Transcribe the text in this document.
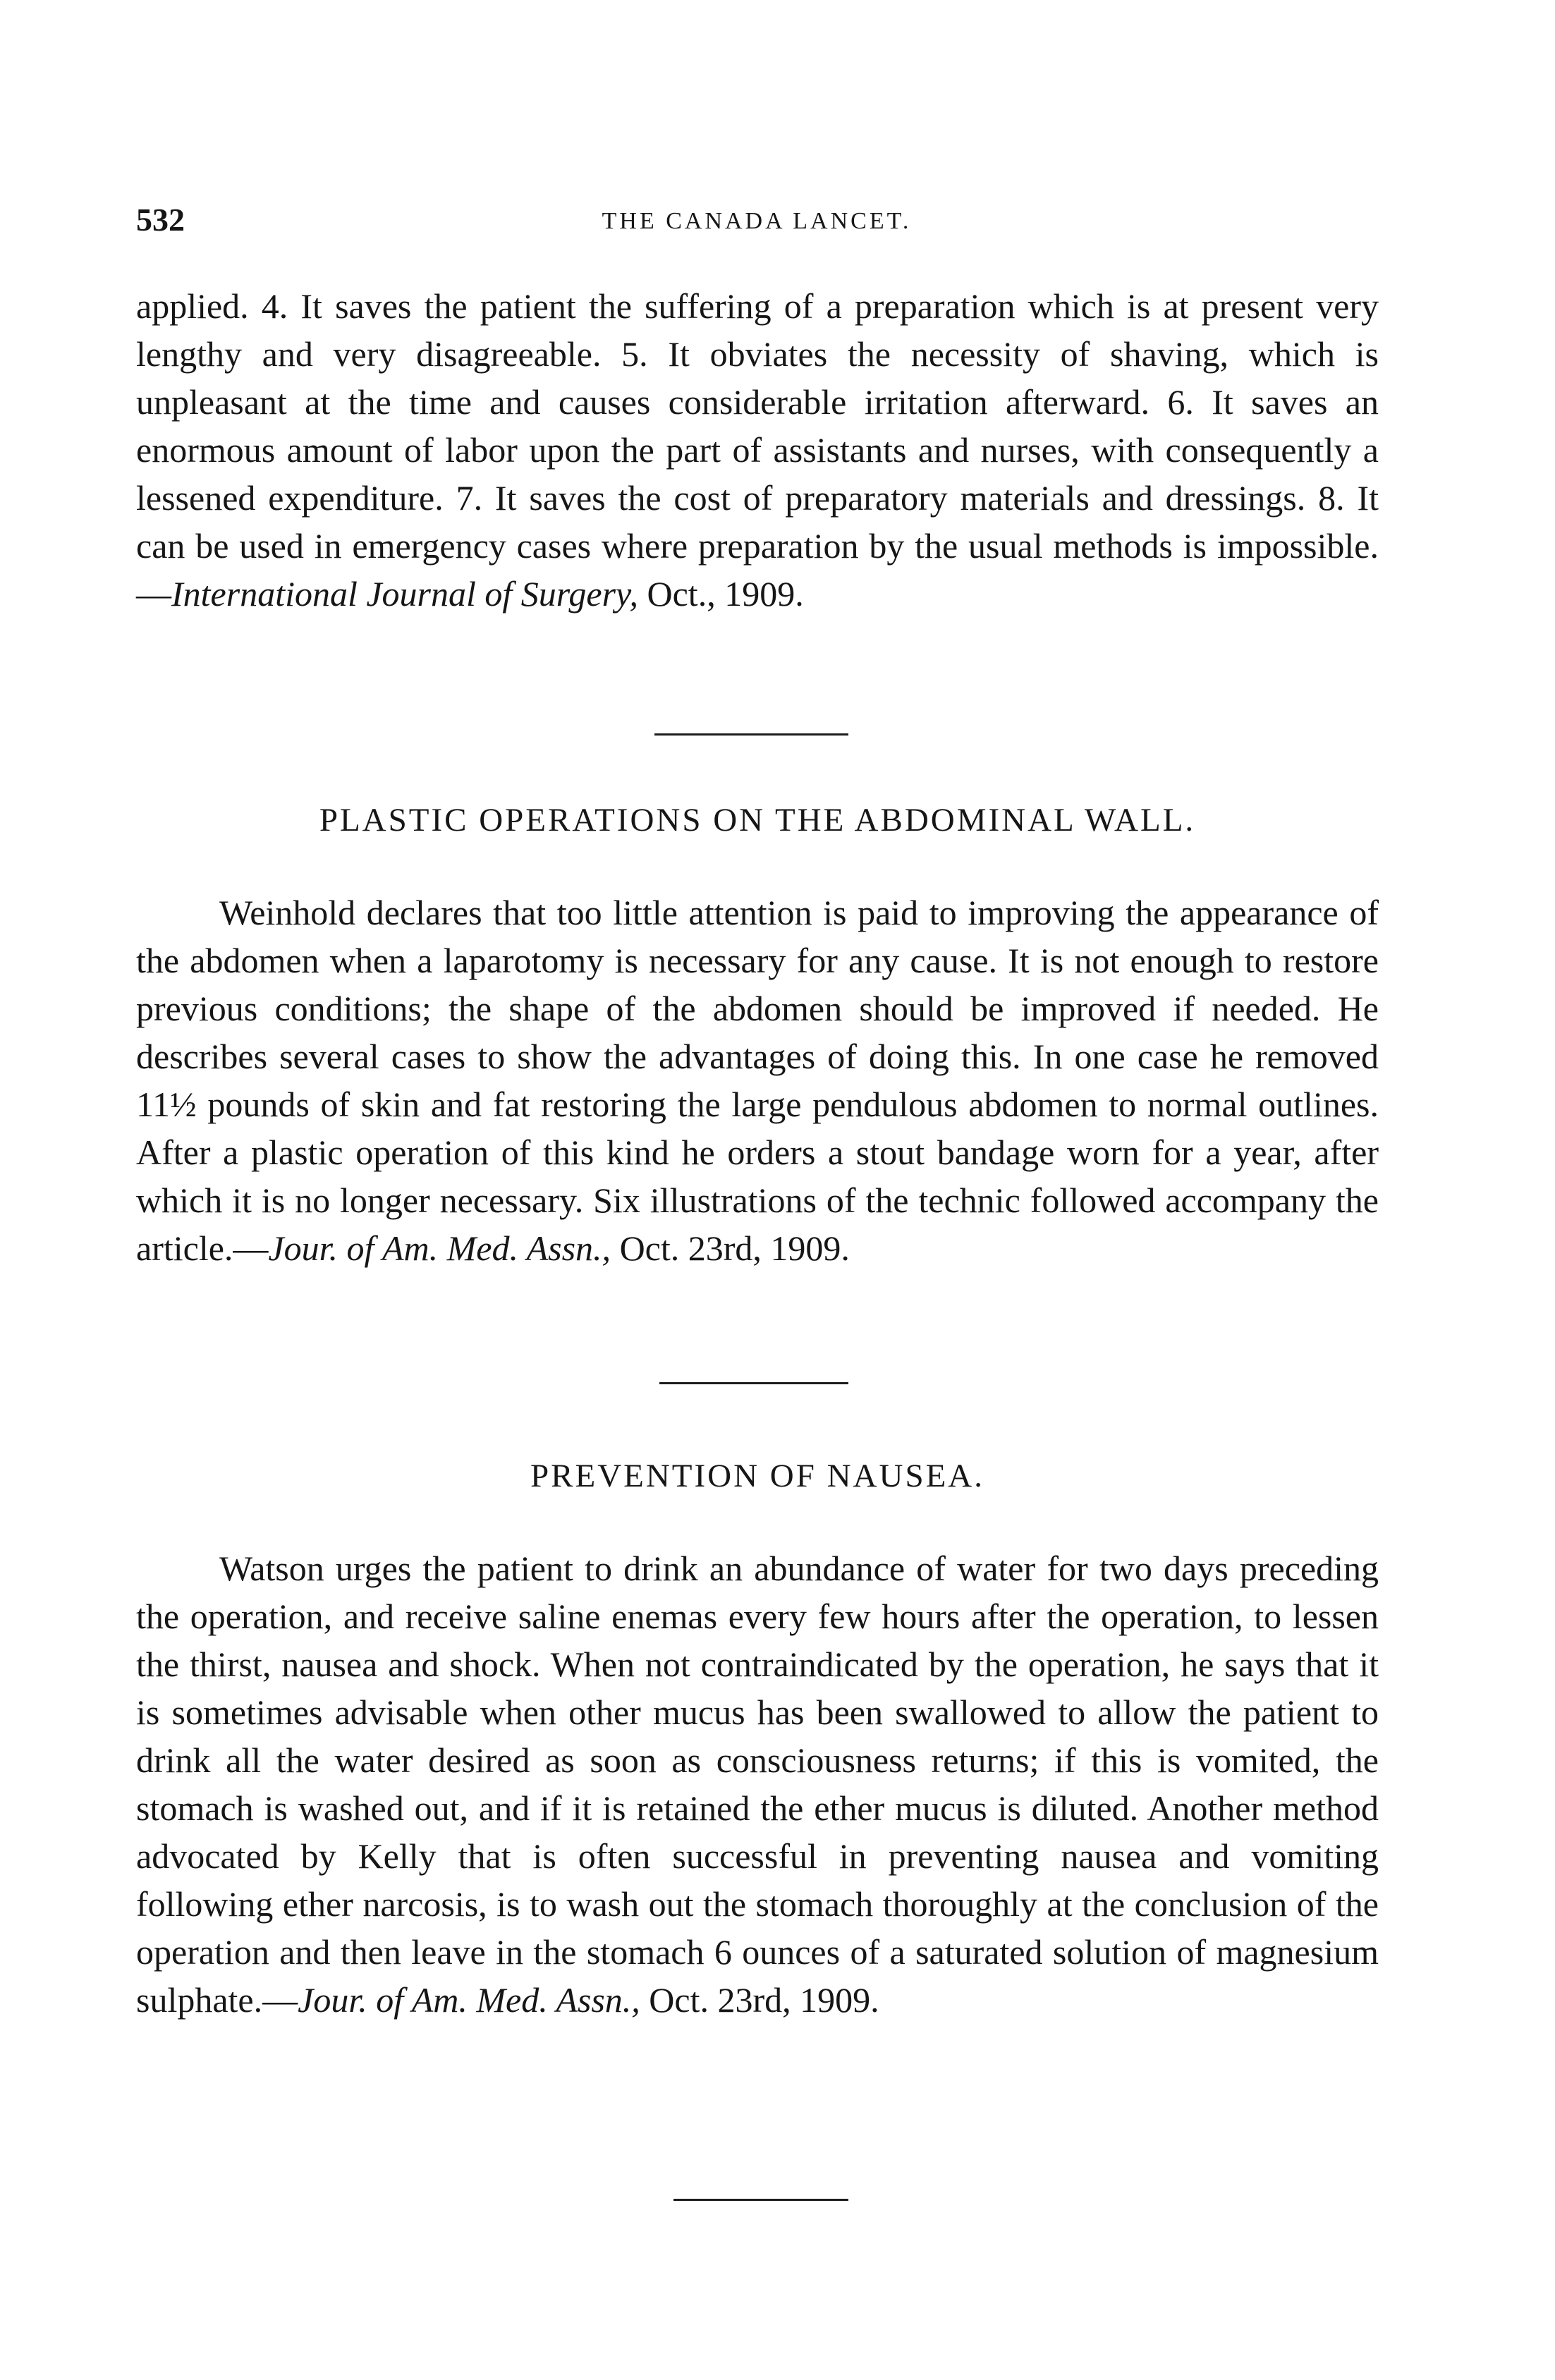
532	THE CANADA LANCET.

applied. 4. It saves the patient the suffering of a preparation which is at present very lengthy and very disagreeable. 5. It obviates the necessity of shaving, which is unpleasant at the time and causes considerable irritation afterward. 6. It saves an enormous amount of labor upon the part of assistants and nurses, with consequently a lessened expenditure. 7. It saves the cost of preparatory materials and dressings. 8. It can be used in emergency cases where preparation by the usual methods is impossible.—International Journal of Surgery, Oct., 1909.

PLASTIC OPERATIONS ON THE ABDOMINAL WALL.

Weinhold declares that too little attention is paid to improving the appearance of the abdomen when a laparotomy is necessary for any cause. It is not enough to restore previous conditions; the shape of the abdomen should be improved if needed. He describes several cases to show the advantages of doing this. In one case he removed 11½ pounds of skin and fat restoring the large pendulous abdomen to normal outlines. After a plastic operation of this kind he orders a stout bandage worn for a year, after which it is no longer necessary. Six illustrations of the technic followed accompany the article.—Jour. of Am. Med. Assn., Oct. 23rd, 1909.

PREVENTION OF NAUSEA.

Watson urges the patient to drink an abundance of water for two days preceding the operation, and receive saline enemas every few hours after the operation, to lessen the thirst, nausea and shock. When not contraindicated by the operation, he says that it is sometimes advisable when other mucus has been swallowed to allow the patient to drink all the water desired as soon as consciousness returns; if this is vomited, the stomach is washed out, and if it is retained the ether mucus is diluted. Another method advocated by Kelly that is often successful in preventing nausea and vomiting following ether narcosis, is to wash out the stomach thoroughly at the conclusion of the operation and then leave in the stomach 6 ounces of a saturated solution of magnesium sulphate.—Jour. of Am. Med. Assn., Oct. 23rd, 1909.
